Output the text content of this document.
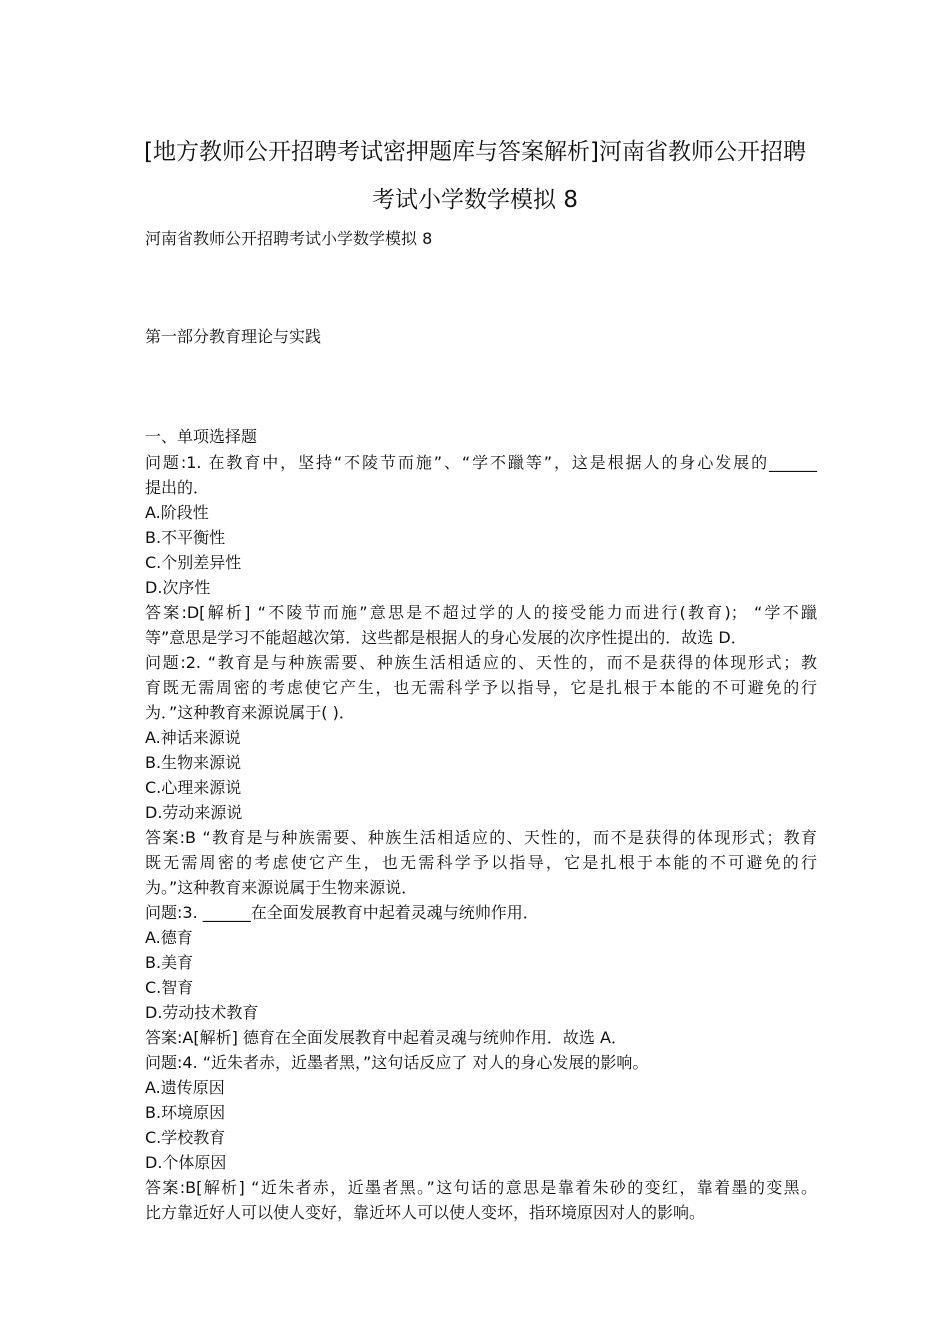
[地方教师公开招聘考试密押题库与答案解析]河南省教师公开招聘
考试小学数学模拟 8
河南省教师公开招聘考试小学数学模拟 8
第一部分教育理论与实践
一、单项选择题
问题:1. 在教育中，坚持“不陵节而施”、“学不躐等”，这是根据人的身心发展的______
提出的．
A.阶段性
B.不平衡性
C.个别差异性
D.次序性
答案:D[解析] “不陵节而施”意思是不超过学的人的接受能力而进行(教育)； “学不躐
等”意思是学习不能超越次第．这些都是根据人的身心发展的次序性提出的．故选 D．
问题:2. “教育是与种族需要、种族生活相适应的、天性的，而不是获得的体现形式；教
育既无需周密的考虑使它产生，也无需科学予以指导，它是扎根于本能的不可避免的行
为．”这种教育来源说属于( )．
A.神话来源说
B.生物来源说
C.心理来源说
D.劳动来源说
答案:B “教育是与种族需要、种族生活相适应的、天性的，而不是获得的体现形式；教育
既无需周密的考虑使它产生，也无需科学予以指导，它是扎根于本能的不可避免的行
为。”这种教育来源说属于生物来源说．
问题:3. ______在全面发展教育中起着灵魂与统帅作用．
A.德育
B.美育
C.智育
D.劳动技术教育
答案:A[解析] 德育在全面发展教育中起着灵魂与统帅作用．故选 A．
问题:4. “近朱者赤，近墨者黑，”这句话反应了 对人的身心发展的影响。
A.遗传原因
B.环境原因
C.学校教育
D.个体原因
答案:B[解析] “近朱者赤，近墨者黑。”这句话的意思是靠着朱砂的变红，靠着墨的变黑。
比方靠近好人可以使人变好，靠近坏人可以使人变坏，指环境原因对人的影响。
